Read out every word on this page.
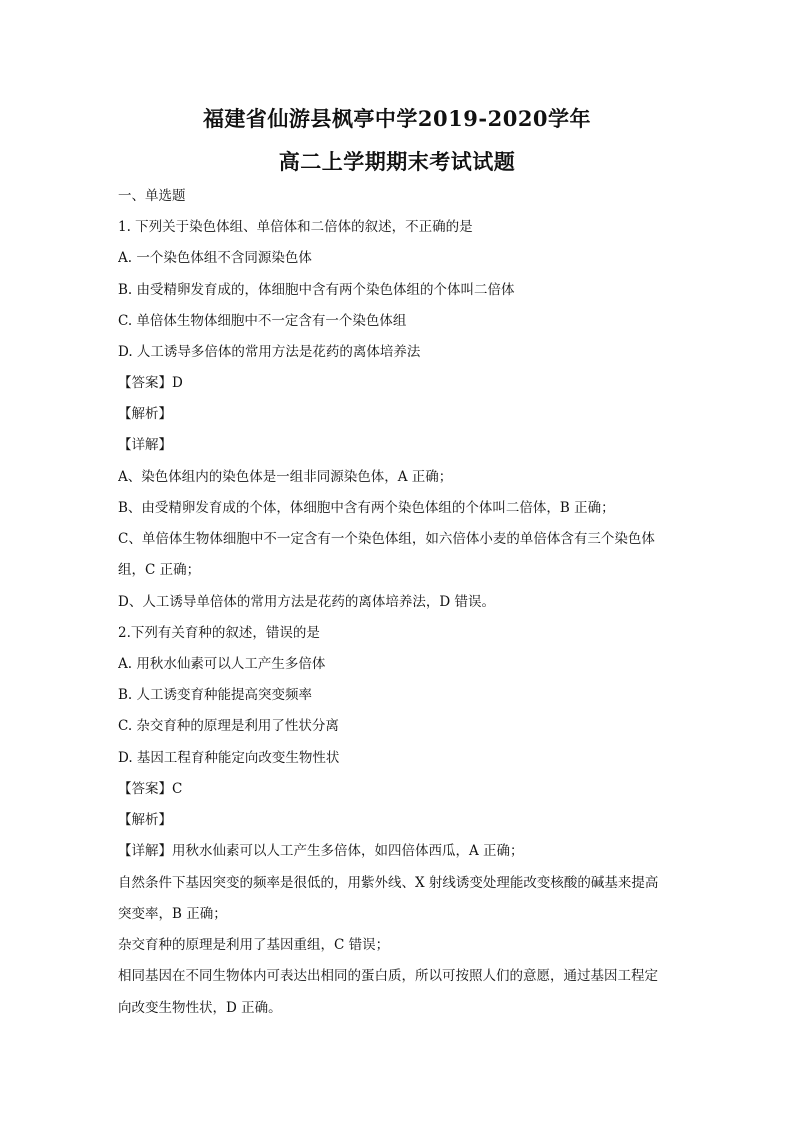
福建省仙游县枫亭中学2019-2020学年
高二上学期期末考试试题

一、单选题

1. 下列关于染色体组、单倍体和二倍体的叙述，不正确的是

A. 一个染色体组不含同源染色体

B. 由受精卵发育成的，体细胞中含有两个染色体组的个体叫二倍体

C. 单倍体生物体细胞中不一定含有一个染色体组

D. 人工诱导多倍体的常用方法是花药的离体培养法

【答案】D

【解析】

【详解】

A、染色体组内的染色体是一组非同源染色体，A 正确；

B、由受精卵发育成的个体，体细胞中含有两个染色体组的个体叫二倍体，B 正确；

C、单倍体生物体细胞中不一定含有一个染色体组，如六倍体小麦的单倍体含有三个染色体

组，C 正确；

D、人工诱导单倍体的常用方法是花药的离体培养法，D 错误。

2.下列有关育种的叙述，错误的是

A. 用秋水仙素可以人工产生多倍体

B. 人工诱变育种能提高突变频率

C. 杂交育种的原理是利用了性状分离

D. 基因工程育种能定向改变生物性状

【答案】C

【解析】

【详解】用秋水仙素可以人工产生多倍体，如四倍体西瓜，A 正确；

自然条件下基因突变的频率是很低的，用紫外线、X 射线诱变处理能改变核酸的碱基来提高

突变率，B 正确；

杂交育种的原理是利用了基因重组，C 错误；

相同基因在不同生物体内可表达出相同的蛋白质，所以可按照人们的意愿，通过基因工程定

向改变生物性状，D 正确。
